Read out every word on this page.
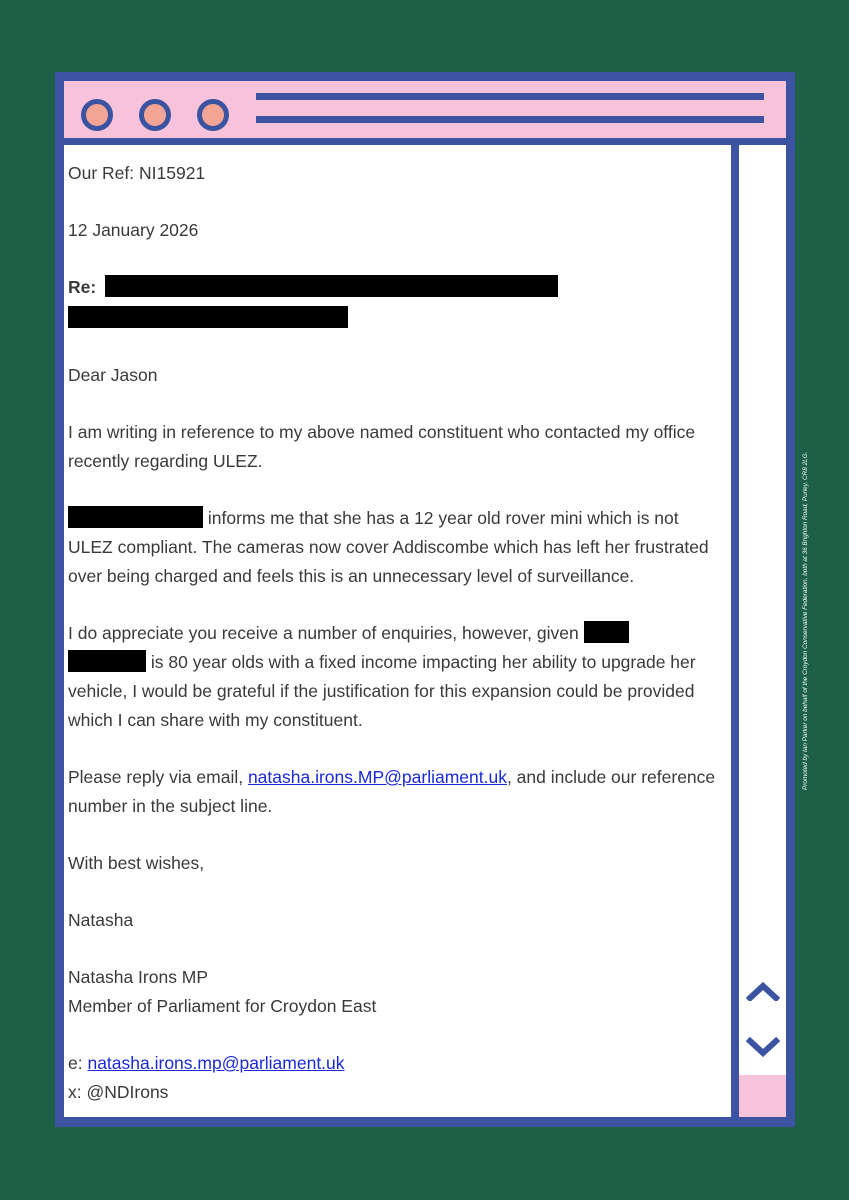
Our Ref: NI15921

12 January 2026

Re:

Dear Jason

I am writing in reference to my above named constituent who contacted my office recently regarding ULEZ.

informs me that she has a 12 year old rover mini which is not ULEZ compliant. The cameras now cover Addiscombe which has left her frustrated over being charged and feels this is an unnecessary level of surveillance.

I do appreciate you receive a number of enquiries, however, given
is 80 year olds with a fixed income impacting her ability to upgrade her vehicle, I would be grateful if the justification for this expansion could be provided which I can share with my constituent.

Please reply via email, natasha.irons.MP@parliament.uk, and include our reference number in the subject line.

With best wishes,

Natasha

Natasha Irons MP

Member of Parliament for Croydon East

e: natasha.irons.mp@parliament.uk

x: @NDIrons

Promoted by Ian Parker on behalf of the Croydon Conservative Federation, both at 36 Brighton Road, Purley, CR8 2LG.
